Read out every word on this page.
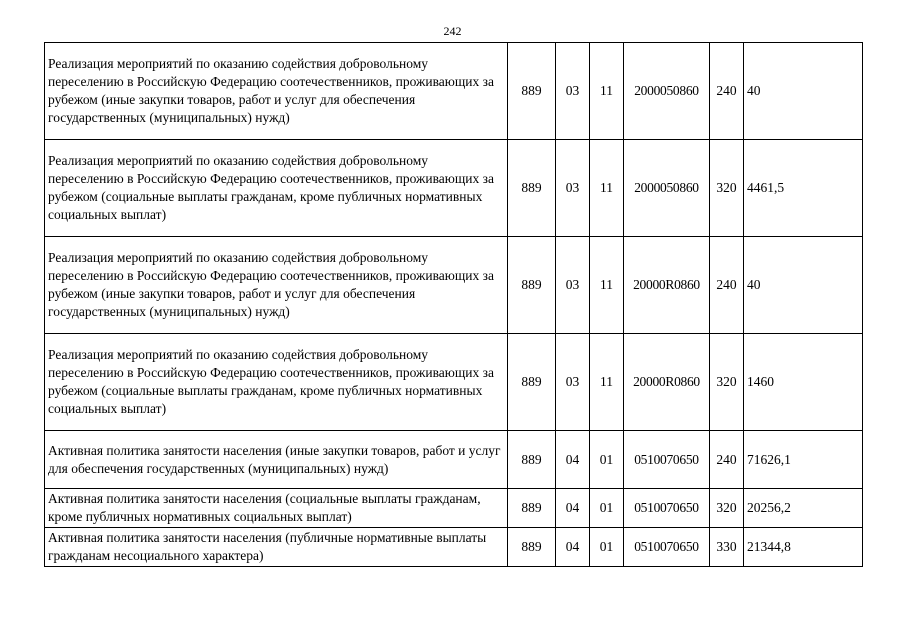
242
Реализация мероприятий по оказанию содействия добровольному переселению в Российскую Федерацию соотечественников, проживающих за рубежом (иные закупки товаров, работ и услуг для обеспечения государственных (муниципальных) нужд)	889	03	11	2000050860	240	40
Реализация мероприятий по оказанию содействия добровольному переселению в Российскую Федерацию соотечественников, проживающих за рубежом (социальные выплаты гражданам, кроме публичных нормативных социальных выплат)	889	03	11	2000050860	320	4461,5
Реализация мероприятий по оказанию содействия добровольному переселению в Российскую Федерацию соотечественников, проживающих за рубежом (иные закупки товаров, работ и услуг для обеспечения государственных (муниципальных) нужд)	889	03	11	20000R0860	240	40
Реализация мероприятий по оказанию содействия добровольному переселению в Российскую Федерацию соотечественников, проживающих за рубежом (социальные выплаты гражданам, кроме публичных нормативных социальных выплат)	889	03	11	20000R0860	320	1460
Активная политика занятости населения (иные закупки товаров, работ и услуг для обеспечения государственных (муниципальных) нужд)	889	04	01	0510070650	240	71626,1
Активная политика занятости населения (социальные выплаты гражданам, кроме публичных нормативных социальных выплат)	889	04	01	0510070650	320	20256,2
Активная политика занятости населения (публичные нормативные выплаты гражданам несоциального характера)	889	04	01	0510070650	330	21344,8
